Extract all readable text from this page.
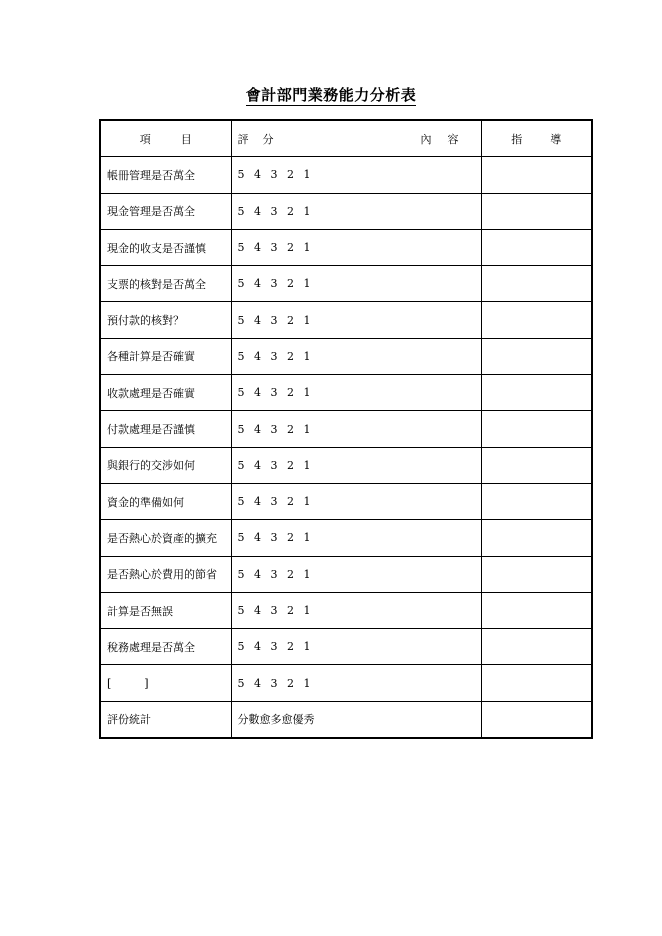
會計部門業務能力分析表
項 目	評 分 內 容	指 導
帳冊管理是否萬全	5 4 3 2 1	
現金管理是否萬全	5 4 3 2 1	
現金的收支是否謹慎	5 4 3 2 1	
支票的核對是否萬全	5 4 3 2 1	
預付款的核對？	5 4 3 2 1	
各種計算是否確實	5 4 3 2 1	
收款處理是否確實	5 4 3 2 1	
付款處理是否謹慎	5 4 3 2 1	
與銀行的交涉如何	5 4 3 2 1	
資金的準備如何	5 4 3 2 1	
是否熱心於資產的擴充	5 4 3 2 1	
是否熱心於費用的節省	5 4 3 2 1	
計算是否無誤	5 4 3 2 1	
稅務處理是否萬全	5 4 3 2 1	
[　　　]	5 4 3 2 1	
評份統計	分數愈多愈優秀	
